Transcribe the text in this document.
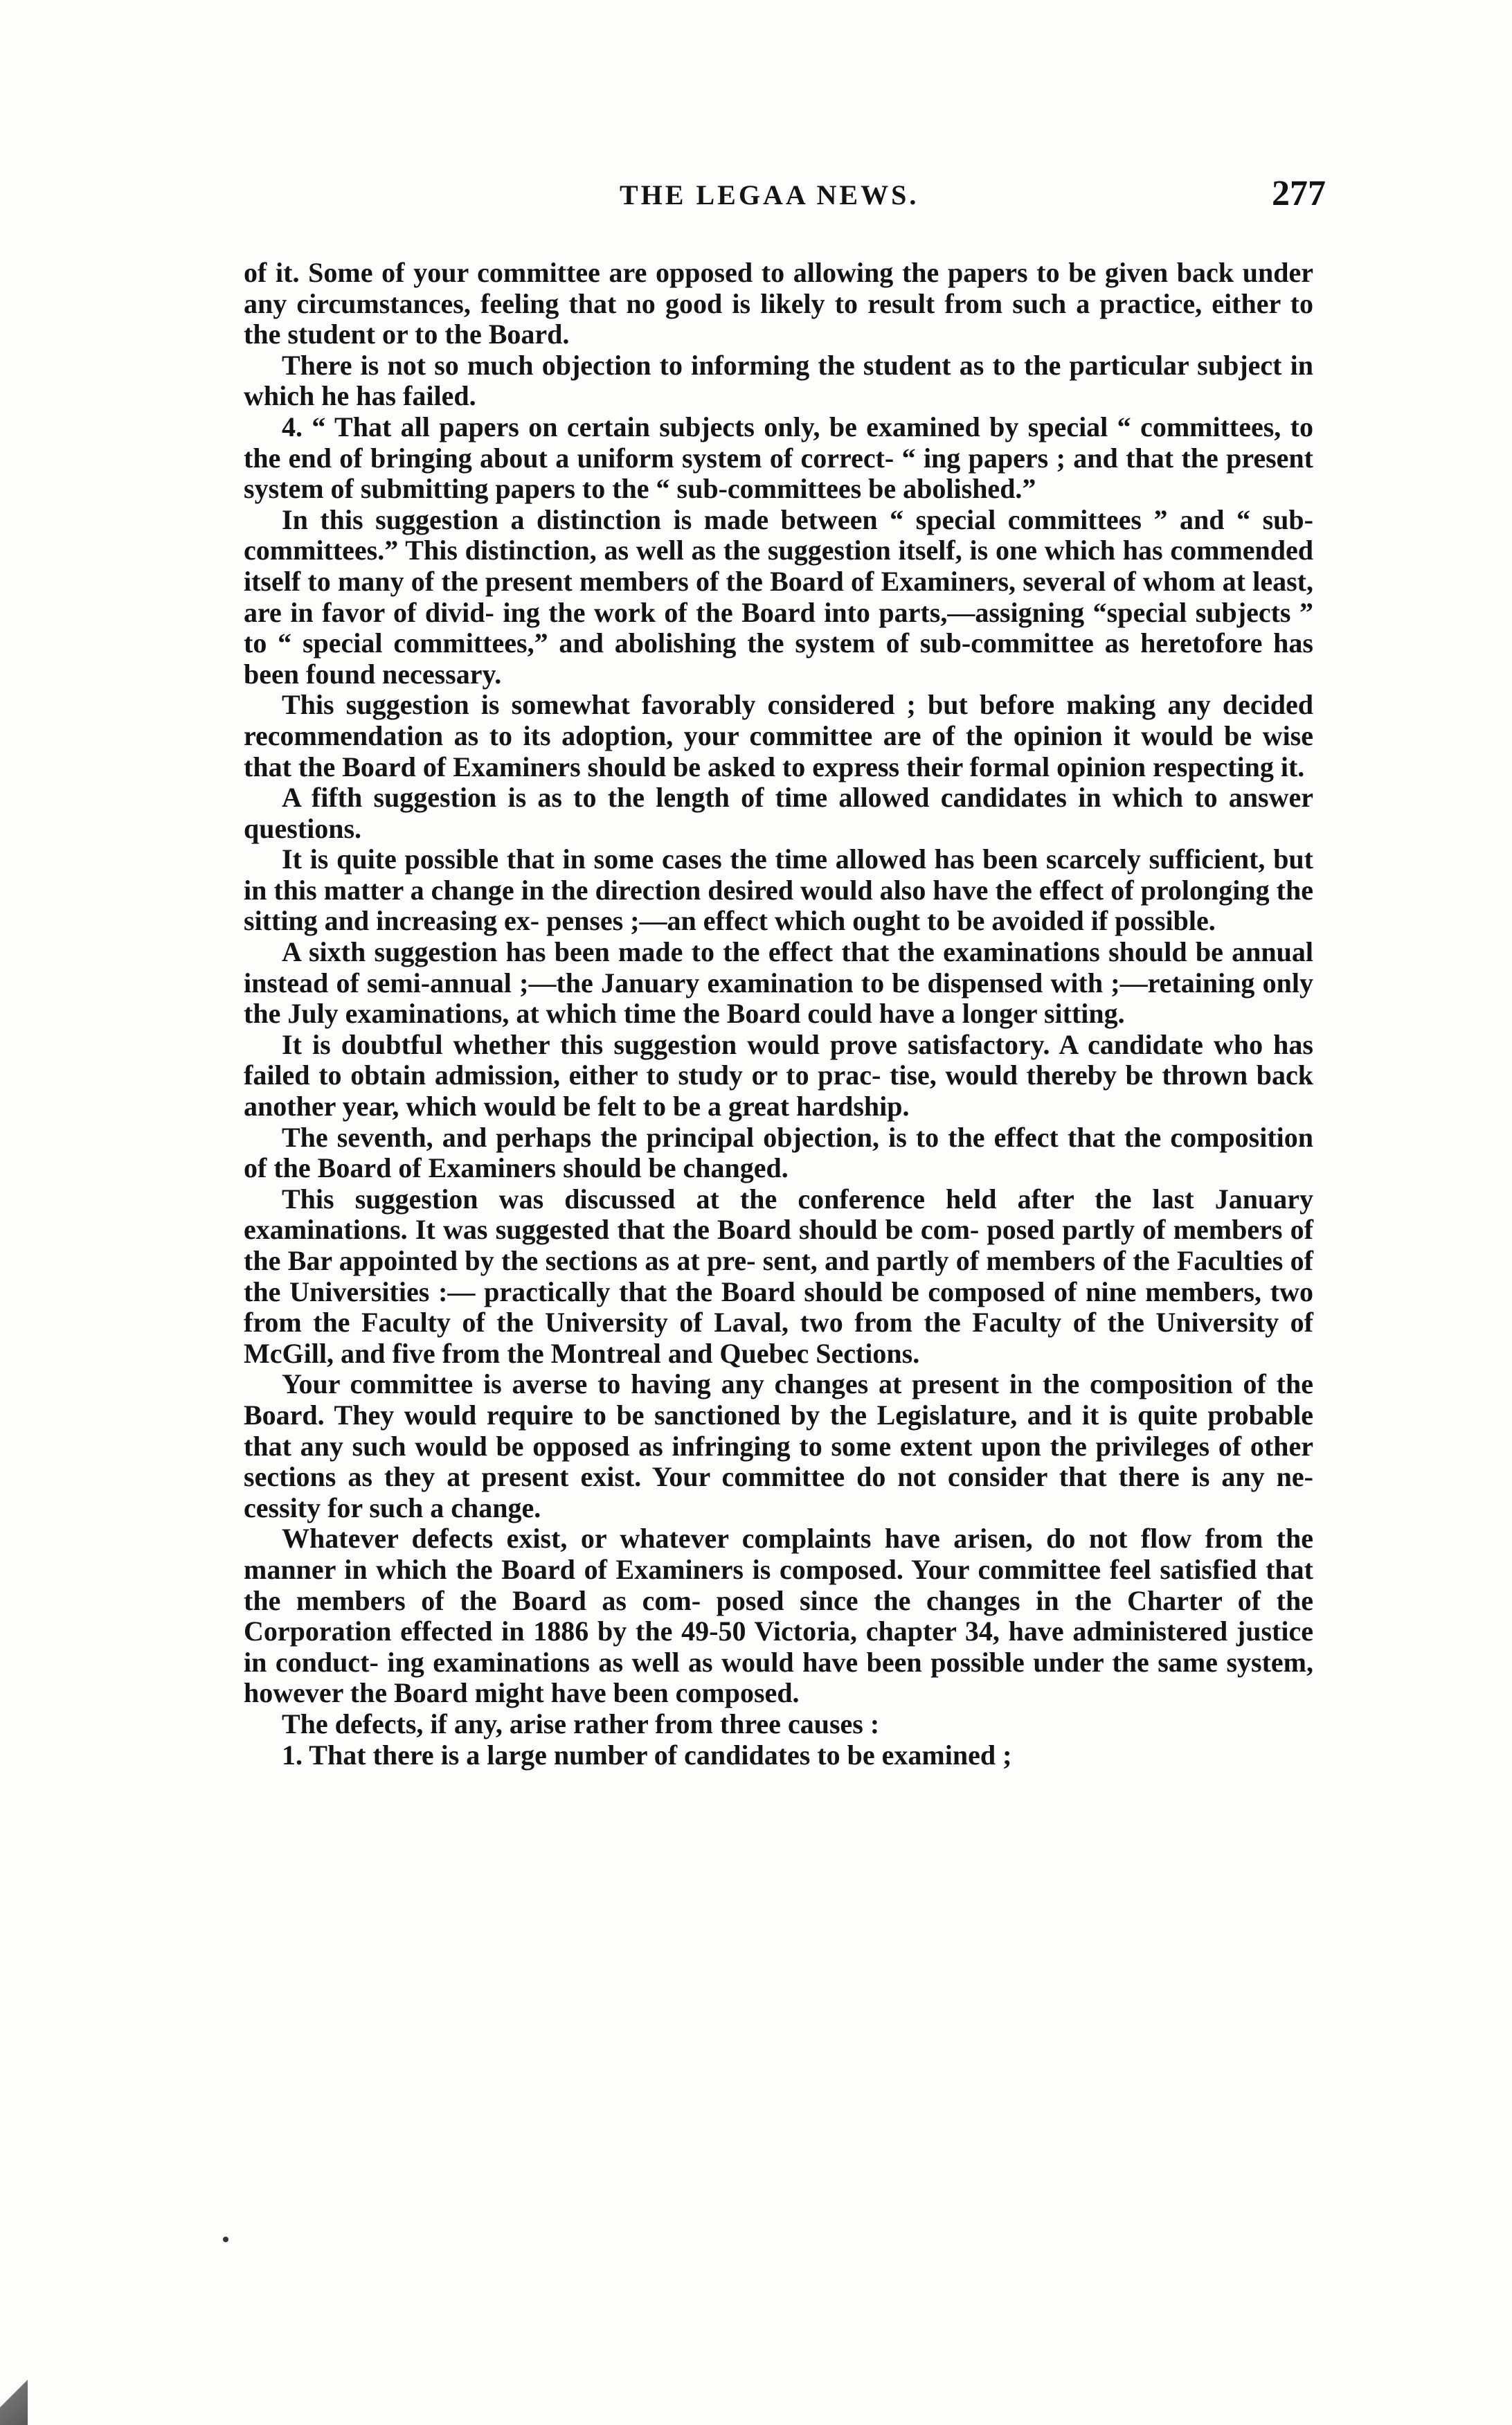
THE LEGAA NEWS.	277

of it. Some of your committee are opposed to allowing the papers to be given back under any circumstances, feeling that no good is likely to result from such a practice, either to the student or to the Board.

There is not so much objection to informing the student as to the particular subject in which he has failed.

4. “ That all papers on certain subjects only, be examined by special “ committees, to the end of bringing about a uniform system of correct- “ ing papers ; and that the present system of submitting papers to the “ sub-committees be abolished.”

In this suggestion a distinction is made between “ special committees ” and “ sub-committees.” This distinction, as well as the suggestion itself, is one which has commended itself to many of the present members of the Board of Examiners, several of whom at least, are in favor of divid- ing the work of the Board into parts,—assigning “special subjects ” to “ special committees,” and abolishing the system of sub-committee as heretofore has been found necessary.

This suggestion is somewhat favorably considered ; but before making any decided recommendation as to its adoption, your committee are of the opinion it would be wise that the Board of Examiners should be asked to express their formal opinion respecting it.

A fifth suggestion is as to the length of time allowed candidates in which to answer questions.

It is quite possible that in some cases the time allowed has been scarcely sufficient, but in this matter a change in the direction desired would also have the effect of prolonging the sitting and increasing ex- penses ;—an effect which ought to be avoided if possible.

A sixth suggestion has been made to the effect that the examinations should be annual instead of semi-annual ;—the January examination to be dispensed with ;—retaining only the July examinations, at which time the Board could have a longer sitting.

It is doubtful whether this suggestion would prove satisfactory. A candidate who has failed to obtain admission, either to study or to prac- tise, would thereby be thrown back another year, which would be felt to be a great hardship.

The seventh, and perhaps the principal objection, is to the effect that the composition of the Board of Examiners should be changed.

This suggestion was discussed at the conference held after the last January examinations. It was suggested that the Board should be com- posed partly of members of the Bar appointed by the sections as at pre- sent, and partly of members of the Faculties of the Universities :— practically that the Board should be composed of nine members, two from the Faculty of the University of Laval, two from the Faculty of the University of McGill, and five from the Montreal and Quebec Sections.

Your committee is averse to having any changes at present in the composition of the Board. They would require to be sanctioned by the Legislature, and it is quite probable that any such would be opposed as infringing to some extent upon the privileges of other sections as they at present exist. Your committee do not consider that there is any ne- cessity for such a change.

Whatever defects exist, or whatever complaints have arisen, do not flow from the manner in which the Board of Examiners is composed. Your committee feel satisfied that the members of the Board as com- posed since the changes in the Charter of the Corporation effected in 1886 by the 49-50 Victoria, chapter 34, have administered justice in conduct- ing examinations as well as would have been possible under the same system, however the Board might have been composed.

The defects, if any, arise rather from three causes :

1. That there is a large number of candidates to be examined ;
